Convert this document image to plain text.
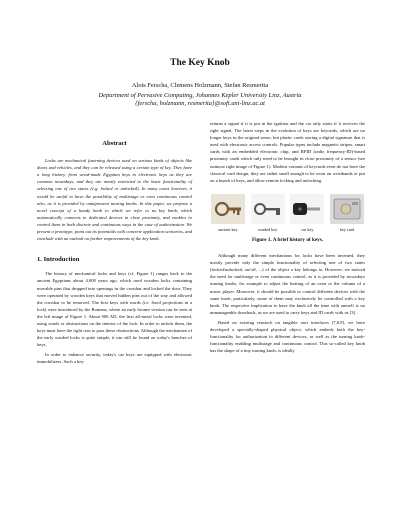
The Key Knob
Alois Ferscha, Clemens Holzmann, Stefan Resmerita
Department of Pervasive Computing, Johannes Kepler University Linz, Austria
{ferscha, holzmann, resmerita}@soft.uni-linz.ac.at
Abstract

Locks are mechanical fastening devices used on various kinds of objects like doors and vehicles, and they can be released using a certain type of key. They have a long history, from wood-made Egyptian keys to electronic keys as they are common nowadays, and they are mostly restricted to the basic functionality of selecting one of two states (e.g. locked or unlocked). In many cases however, it would be useful to have the possibility of multistage or even continuous control also, as it is provided by omnipresent turning knobs. In this paper, we propose a novel concept of a handy knob to which we refer to as key knob, which automatically connects to dedicated devices in close proximity, and enables to control them in both discrete and continuous ways in the case of authorization. We present a prototype, point out its potentials with concrete application scenarios, and conclude with an outlook on further improvements of the key knob.

1. Introduction

The history of mechanical locks and keys (cf. Figure 1) ranges back to the ancient Egyptians about 4,000 years ago, which used wooden locks containing movable pins that dropped into openings in the crossbar and locked the door. They were operated by wooden keys that moved hidden pins out of the way and allowed the crossbar to be removed. The first keys with wards (i.e. fixed projections in a lock) were introduced by the Romans, where an early bronze version can be seen at the left image of Figure 1. About 900 AD, the first all-metal locks were invented, using wards or obstructions on the interior of the lock. In order to unlock them, the keys must have the right cuts to pass these obstructions. Although the mechanism of the early warded locks is quite simple, it can still be found on today's bunches of keys.

In order to enhance security, today's car keys are equipped with electronic immobilizers. Such a key

returns a signal if it is put in the ignition and the car only starts if it receives the right signal. The latest steps in the evolution of keys are keycards, which are no longer keys in the original sense, but plastic cards storing a digital signature that is used with electronic access controls. Popular types include magnetic stripes, smart cards with an embedded electronic chip, and RFID (radio frequency-ID)-based proximity cards which only need to be brought in close proximity of a sensor (see outmost right image of Figure 1). Modern variants of keycards even do not have the classical card design, they are rather small enough to be worn on wristbands or put on a bunch of keys, and allow remote locking and unlocking.

ancient key	warded key	car key	key card
Figure 1. A brief history of keys.

Although many different mechanisms for locks have been invented, they mostly provide only the simple functionality of selecting one of two states (locked/unlocked, on/off, ...) of the object a key belongs to. However, we noticed the need for multistage or even continuous control, as it is provided by nowadays turning knobs, for example to adjust the heating of an oven or the volume of a music player. Moreover, it should be possible to control different devices with the same knob, particularly, some of them may exclusively be controlled with a key knob. The respective implication to have the knob all the time with oneself is no unmanageable drawback, as we are used to carry keys and ID cards with us [3].

Based on existing research on tangible user interfaces [7,8,9], we have developed a specially-shaped physical object, which embeds both the key-functionality for authorization to different devices, as well as the turning knob-functionality enabling multistage and continuous control. This so-called key knob has the shape of a tiny turning knob, is ideally
